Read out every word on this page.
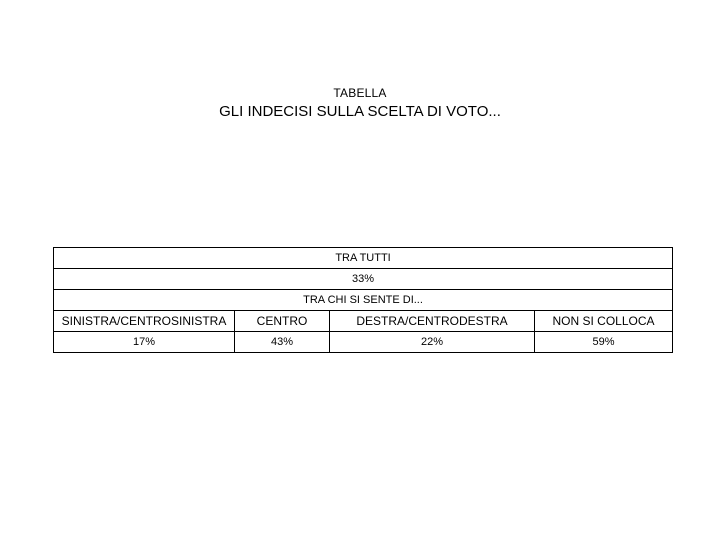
TABELLA
GLI INDECISI SULLA SCELTA DI VOTO...
TRA TUTTI			
33%			
TRA CHI SI SENTE DI...			
SINISTRA/CENTROSINISTRA	CENTRO	DESTRA/CENTRODESTRA	NON SI COLLOCA
17%	43%	22%	59%
